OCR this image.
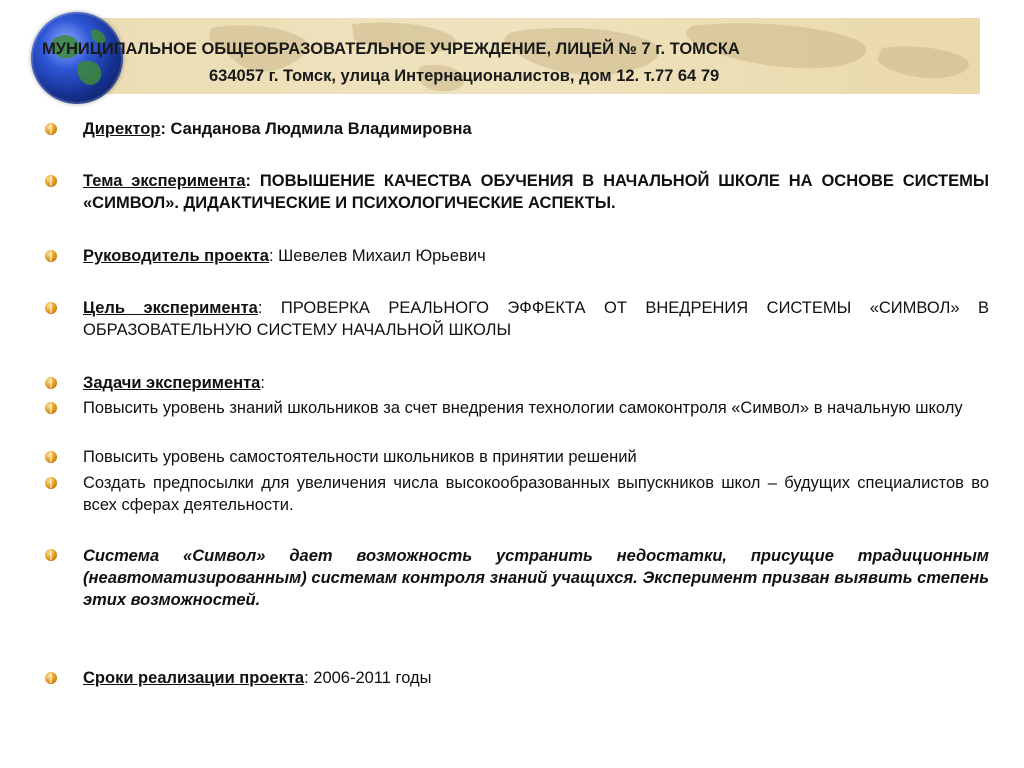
МУНИЦИПАЛЬНОЕ ОБЩЕОБРАЗОВАТЕЛЬНОЕ УЧРЕЖДЕНИЕ, ЛИЦЕЙ № 7 г. ТОМСКА
634057 г. Томск, улица Интернационалистов, дом 12. т.77 64 79
Директор: Санданова Людмила Владимировна
Тема эксперимента: ПОВЫШЕНИЕ КАЧЕСТВА ОБУЧЕНИЯ В НАЧАЛЬНОЙ ШКОЛЕ НА ОСНОВЕ СИСТЕМЫ «СИМВОЛ». ДИДАКТИЧЕСКИЕ И ПСИХОЛОГИЧЕСКИЕ АСПЕКТЫ.
Руководитель проекта: Шевелев Михаил Юрьевич
Цель эксперимента: ПРОВЕРКА РЕАЛЬНОГО ЭФФЕКТА ОТ ВНЕДРЕНИЯ СИСТЕМЫ «СИМВОЛ» В ОБРАЗОВАТЕЛЬНУЮ СИСТЕМУ НАЧАЛЬНОЙ ШКОЛЫ
Задачи эксперимента:
Повысить уровень знаний школьников за счет внедрения технологии самоконтроля «Символ» в начальную школу
Повысить уровень самостоятельности школьников в принятии решений
Создать предпосылки для увеличения числа высокообразованных выпускников школ – будущих специалистов во всех сферах деятельности.
Система «Символ» дает возможность устранить недостатки, присущие традиционным (неавтоматизированным) системам контроля знаний учащихся. Эксперимент призван выявить степень этих возможностей.
Сроки реализации проекта: 2006-2011 годы
